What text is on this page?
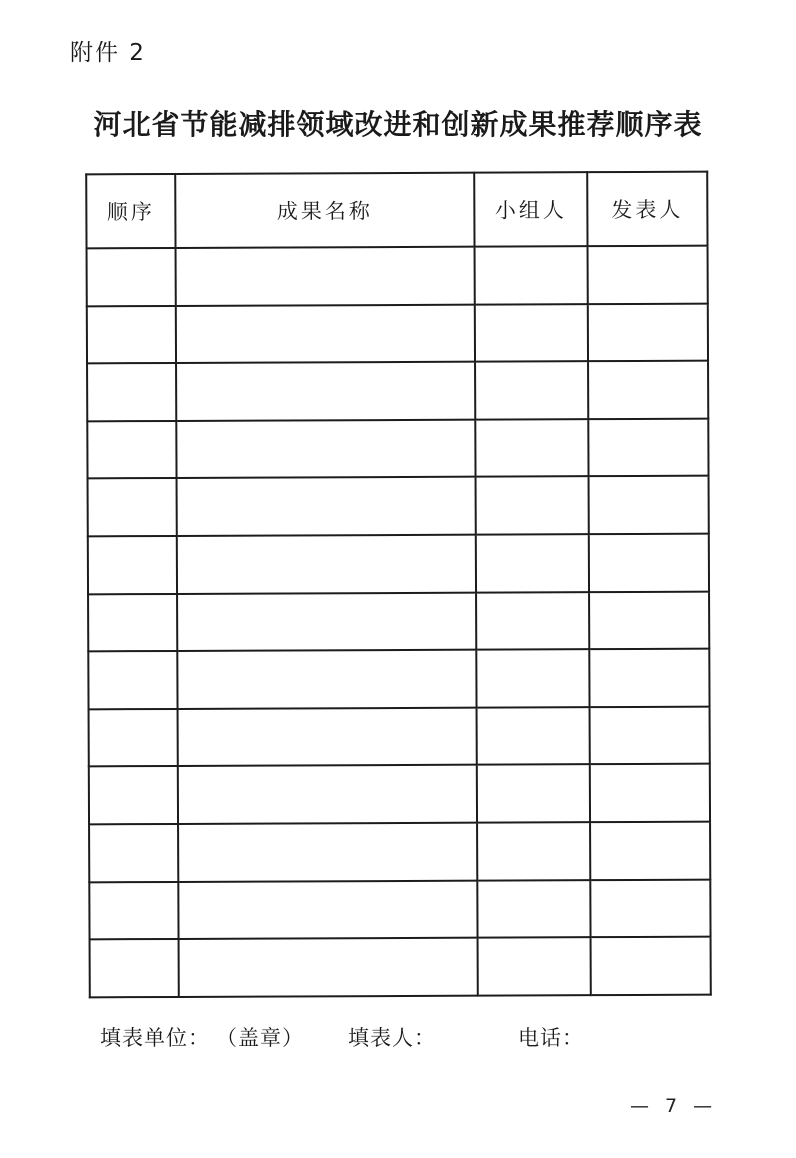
附件 2
河北省节能减排领域改进和创新成果推荐顺序表
顺序	成果名称	小组人	发表人

填表单位： （盖章） 填表人：	电话：
— 7 —
